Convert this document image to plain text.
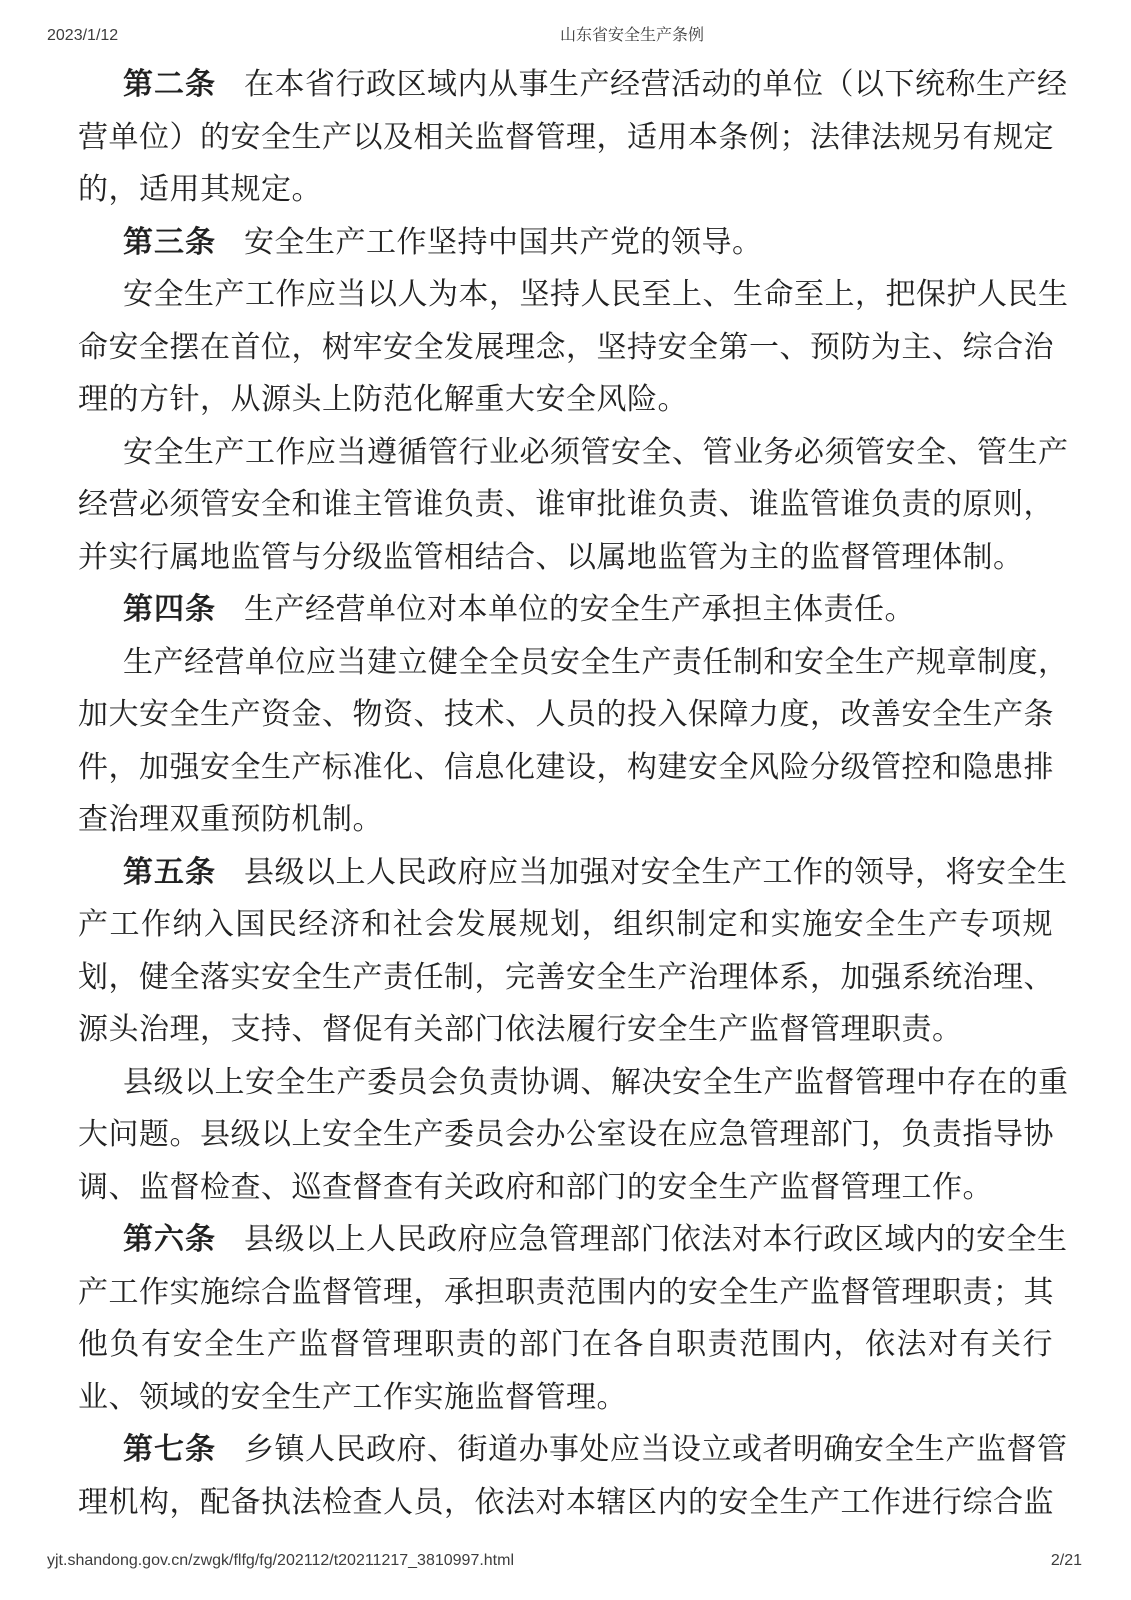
2023/1/12	山东省安全生产条例
第二条 在本省行政区域内从事生产经营活动的单位（以下统称生产经
营单位）的安全生产以及相关监督管理，适用本条例；法律法规另有规定
的，适用其规定。
第三条 安全生产工作坚持中国共产党的领导。
安全生产工作应当以人为本，坚持人民至上、生命至上，把保护人民生
命安全摆在首位，树牢安全发展理念，坚持安全第一、预防为主、综合治
理的方针，从源头上防范化解重大安全风险。
安全生产工作应当遵循管行业必须管安全、管业务必须管安全、管生产
经营必须管安全和谁主管谁负责、谁审批谁负责、谁监管谁负责的原则，
并实行属地监管与分级监管相结合、以属地监管为主的监督管理体制。
第四条 生产经营单位对本单位的安全生产承担主体责任。
生产经营单位应当建立健全全员安全生产责任制和安全生产规章制度，
加大安全生产资金、物资、技术、人员的投入保障力度，改善安全生产条
件，加强安全生产标准化、信息化建设，构建安全风险分级管控和隐患排
查治理双重预防机制。
第五条 县级以上人民政府应当加强对安全生产工作的领导，将安全生
产工作纳入国民经济和社会发展规划，组织制定和实施安全生产专项规
划，健全落实安全生产责任制，完善安全生产治理体系，加强系统治理、
源头治理，支持、督促有关部门依法履行安全生产监督管理职责。
县级以上安全生产委员会负责协调、解决安全生产监督管理中存在的重
大问题。县级以上安全生产委员会办公室设在应急管理部门，负责指导协
调、监督检查、巡查督查有关政府和部门的安全生产监督管理工作。
第六条 县级以上人民政府应急管理部门依法对本行政区域内的安全生
产工作实施综合监督管理，承担职责范围内的安全生产监督管理职责；其
他负有安全生产监督管理职责的部门在各自职责范围内，依法对有关行
业、领域的安全生产工作实施监督管理。
第七条 乡镇人民政府、街道办事处应当设立或者明确安全生产监督管
理机构，配备执法检查人员，依法对本辖区内的安全生产工作进行综合监
yjt.shandong.gov.cn/zwgk/flfg/fg/202112/t20211217_3810997.html	2/21
